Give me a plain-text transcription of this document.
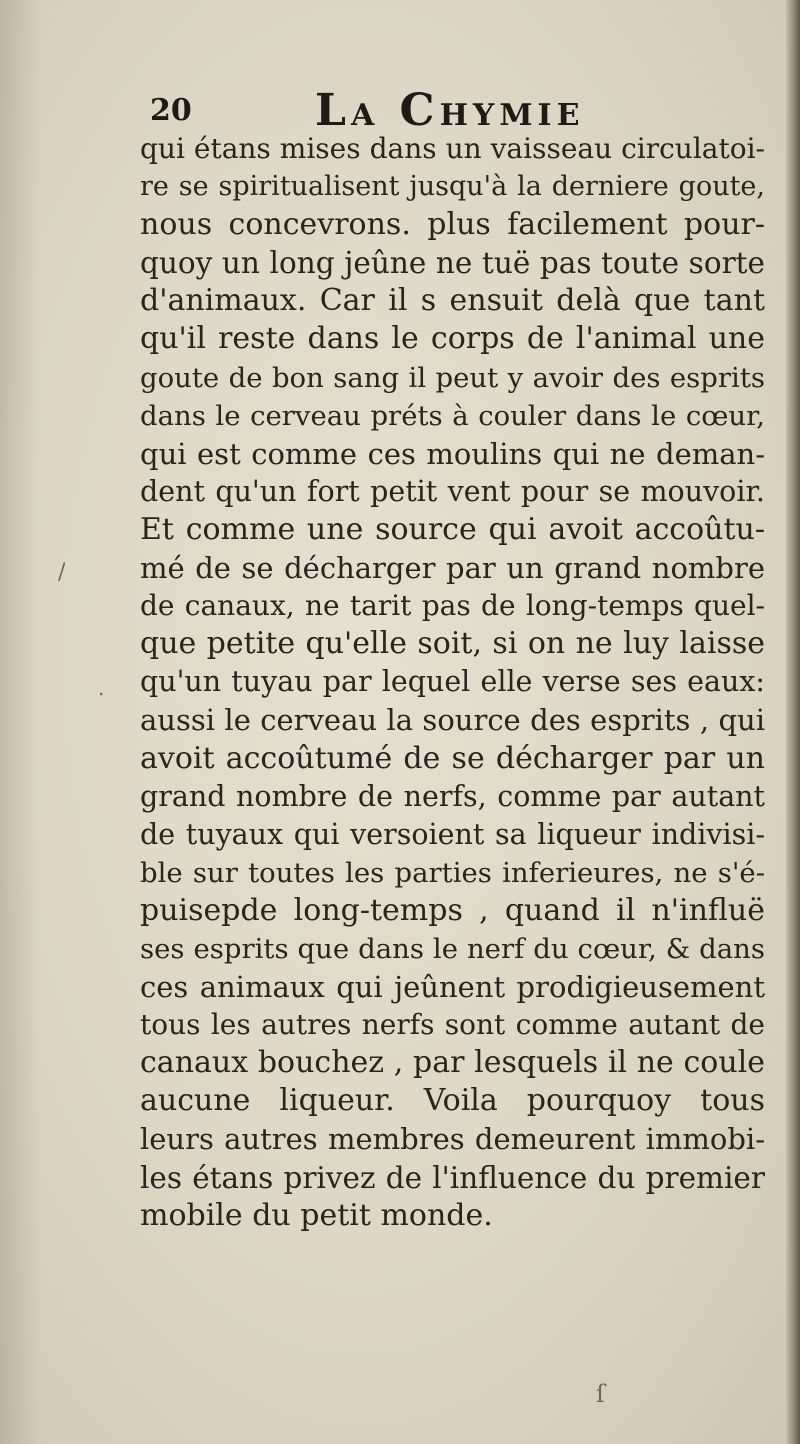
20	LA CHYMIE
qui étans mises dans un vaisseau circulatoi-
re se spiritualisent jusqu'à la derniere goute,
nous concevrons. plus facilement pour-
quoy un long jeûne ne tuë pas toute sorte
d'animaux. Car il s ensuit delà que tant
qu'il reste dans le corps de l'animal une
goute de bon sang il peut y avoir des esprits
dans le cerveau préts à couler dans le cœur,
qui est comme ces moulins qui ne deman-
dent qu'un fort petit vent pour se mouvoir.
Et comme une source qui avoit accoûtu-
mé de se décharger par un grand nombre
de canaux, ne tarit pas de long-temps quel-
que petite qu'elle soit, si on ne luy laisse
qu'un tuyau par lequel elle verse ses eaux:
aussi le cerveau la source des esprits , qui
avoit accoûtumé de se décharger par un
grand nombre de nerfs, comme par autant
de tuyaux qui versoient sa liqueur indivisi-
ble sur toutes les parties inferieures, ne s'é-
puisepde long-temps , quand il n'influë
ses esprits que dans le nerf du cœur, & dans
ces animaux qui jeûnent prodigieusement
tous les autres nerfs sont comme autant de
canaux bouchez , par lesquels il ne coule
aucune liqueur. Voila pourquoy tous
leurs autres membres demeurent immobi-
les étans privez de l'influence du premier
mobile du petit monde.
/
.
ſ
